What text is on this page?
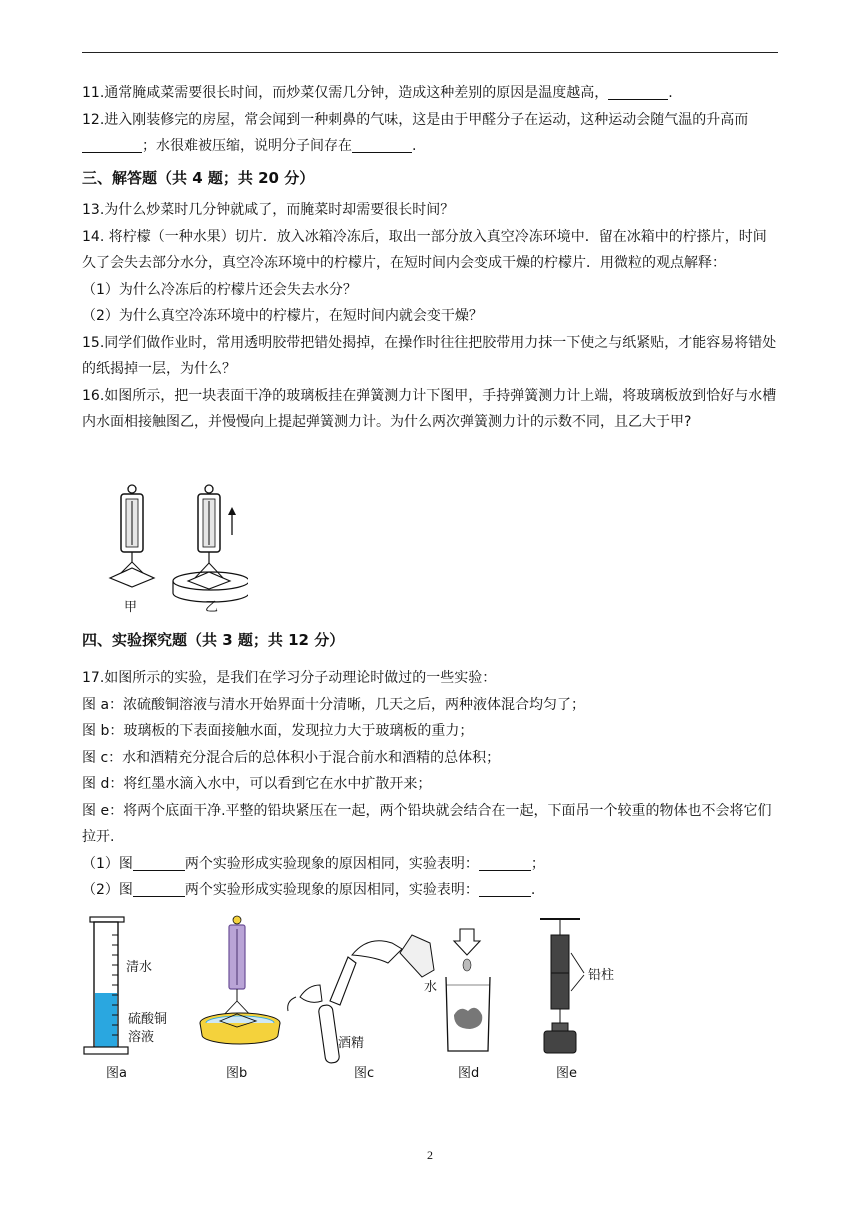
11.通常腌咸菜需要很长时间，而炒菜仅需几分钟，造成这种差别的原因是温度越高，	.

12.进入刚装修完的房屋，常会闻到一种刺鼻的气味，这是由于甲醛分子在运动，这种运动会随气温的升高而；水很难被压缩，说明分子间存在	.

三、解答题（共 4 题；共 20 分）

13.为什么炒菜时几分钟就咸了，而腌菜时却需要很长时间？

14. 将柠檬（一种水果）切片．放入冰箱冷冻后，取出一部分放入真空冷冻环境中．留在冰箱中的柠搽片，时间久了会失去部分水分，真空冷冻环境中的柠檬片，在短时间内会变成干燥的柠檬片．用微粒的观点解释：

（1）为什么冷冻后的柠檬片还会失去水分？

（2）为什么真空冷冻环境中的柠檬片，在短时间内就会变干燥？

15.同学们做作业时，常用透明胶带把错处揭掉，在操作时往往把胶带用力抹一下使之与纸紧贴，才能容易将错处的纸揭掉一层，为什么？

16.如图所示，把一块表面干净的玻璃板挂在弹簧测力计下图甲，手持弹簧测力计上端，将玻璃板放到恰好与水槽内水面相接触图乙，并慢慢向上提起弹簧测力计。为什么两次弹簧测力计的示数不同，且乙大于甲?

甲	乙
四、实验探究题（共 3 题；共 12 分）

17.如图所示的实验，是我们在学习分子动理论时做过的一些实验：

图 a：浓硫酸铜溶液与清水开始界面十分清晰，几天之后，两种液体混合均匀了；

图 b：玻璃板的下表面接触水面，发现拉力大于玻璃板的重力；

图 c：水和酒精充分混合后的总体积小于混合前水和酒精的总体积；

图 d：将红墨水滴入水中，可以看到它在水中扩散开来；

图 e：将两个底面干净.平整的铅块紧压在一起，两个铅块就会结合在一起，下面吊一个较重的物体也不会将它们拉开.

（1）图	两个实验形成实验现象的原因相同，实验表明：	；

（2）图	两个实验形成实验现象的原因相同，实验表明：	.

清水
硫酸铜
溶液
水
酒精
铅柱
图a	图b	图c	图d	图e
2
